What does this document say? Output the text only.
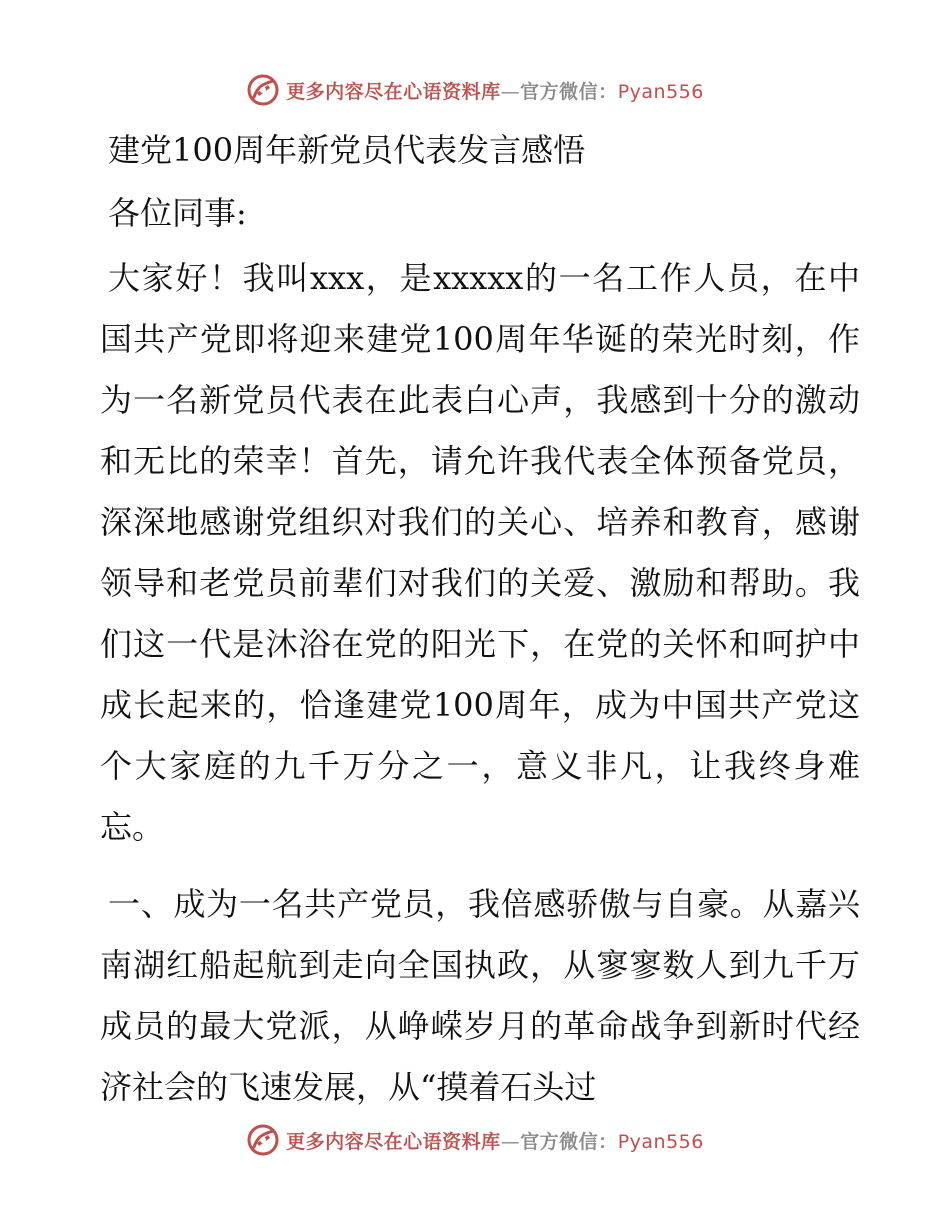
更多内容尽在心语资料库—官方微信：Pyan556
建党100周年新党员代表发言感悟

各位同事:

大家好！我叫xxx，是xxxxx的一名工作人员，在中国共产党即将迎来建党100周年华诞的荣光时刻，作为一名新党员代表在此表白心声，我感到十分的激动和无比的荣幸！首先，请允许我代表全体预备党员，深深地感谢党组织对我们的关心、培养和教育，感谢领导和老党员前辈们对我们的关爱、激励和帮助。我们这一代是沐浴在党的阳光下，在党的关怀和呵护中成长起来的，恰逢建党100周年，成为中国共产党这个大家庭的九千万分之一，意义非凡，让我终身难忘。

一、成为一名共产党员，我倍感骄傲与自豪。从嘉兴南湖红船起航到走向全国执政，从寥寥数人到九千万成员的最大党派，从峥嵘岁月的革命战争到新时代经济社会的飞速发展，从“摸着石头过

更多内容尽在心语资料库—官方微信：Pyan556
